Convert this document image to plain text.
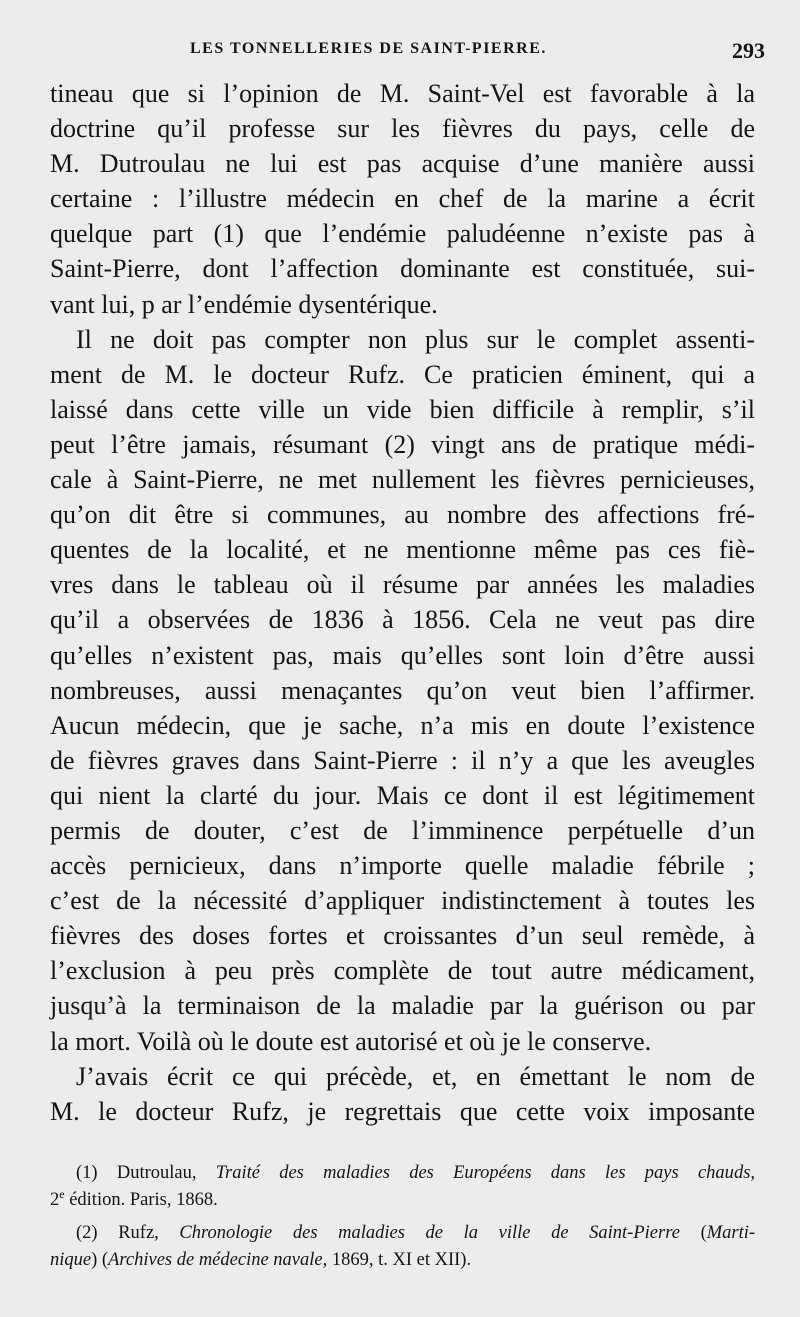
LES TONNELLERIES DE SAINT-PIERRE.	293
tineau que si l’opinion de M. Saint-Vel est favorable à la
doctrine qu’il professe sur les fièvres du pays, celle de
M. Dutroulau ne lui est pas acquise d’une manière aussi
certaine : l’illustre médecin en chef de la marine a écrit
quelque part (1) que l’endémie paludéenne n’existe pas à
Saint-Pierre, dont l’affection dominante est constituée, sui-
vant lui, p ar l’endémie dysentérique.
Il ne doit pas compter non plus sur le complet assenti-
ment de M. le docteur Rufz. Ce praticien éminent, qui a
laissé dans cette ville un vide bien difficile à remplir, s’il
peut l’être jamais, résumant (2) vingt ans de pratique médi-
cale à Saint-Pierre, ne met nullement les fièvres pernicieuses,
qu’on dit être si communes, au nombre des affections fré-
quentes de la localité, et ne mentionne même pas ces fiè-
vres dans le tableau où il résume par années les maladies
qu’il a observées de 1836 à 1856. Cela ne veut pas dire
qu’elles n’existent pas, mais qu’elles sont loin d’être aussi
nombreuses, aussi menaçantes qu’on veut bien l’affirmer.
Aucun médecin, que je sache, n’a mis en doute l’existence
de fièvres graves dans Saint-Pierre : il n’y a que les aveugles
qui nient la clarté du jour. Mais ce dont il est légitimement
permis de douter, c’est de l’imminence perpétuelle d’un
accès pernicieux, dans n’importe quelle maladie fébrile ;
c’est de la nécessité d’appliquer indistinctement à toutes les
fièvres des doses fortes et croissantes d’un seul remède, à
l’exclusion à peu près complète de tout autre médicament,
jusqu’à la terminaison de la maladie par la guérison ou par
la mort. Voilà où le doute est autorisé et où je le conserve.
J’avais écrit ce qui précède, et, en émettant le nom de
M. le docteur Rufz, je regrettais que cette voix imposante
(1) Dutroulau, Traité des maladies des Européens dans les pays chauds,
2e édition. Paris, 1868.
(2) Rufz, Chronologie des maladies de la ville de Saint-Pierre (Marti-
nique) (Archives de médecine navale, 1869, t. XI et XII).
